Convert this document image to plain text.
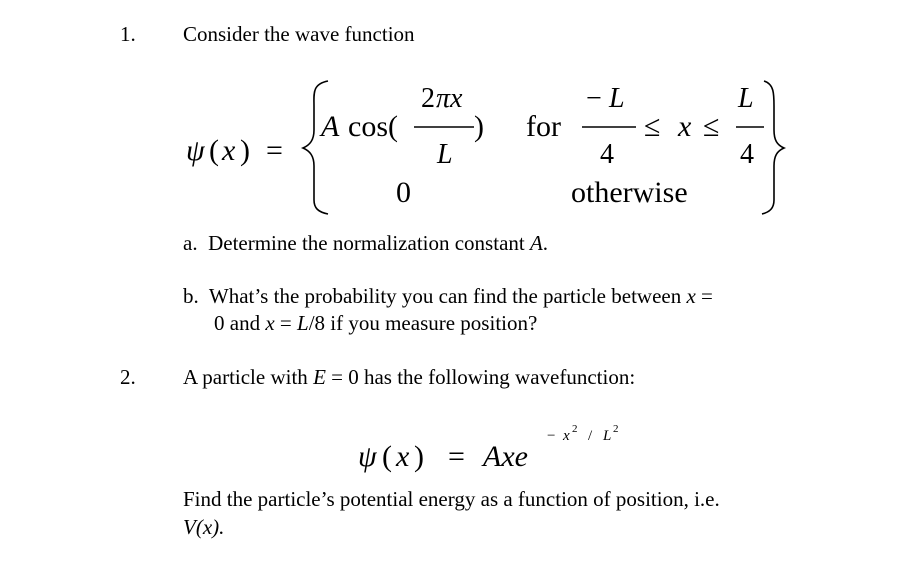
1. Consider the wave function
ψ ( x ) =
A cos(
2 πx
L
) for
− L
4
≤ x ≤
L
4
0	otherwise
a. Determine the normalization constant A.
b. What’s the probability you can find the particle between x =
0 and x = L/8 if you measure position?
2. A particle with E = 0 has the following wavefunction:
ψ ( x ) = Axe
− x 2 / L 2
Find the particle’s potential energy as a function of position, i.e.
V(x).
